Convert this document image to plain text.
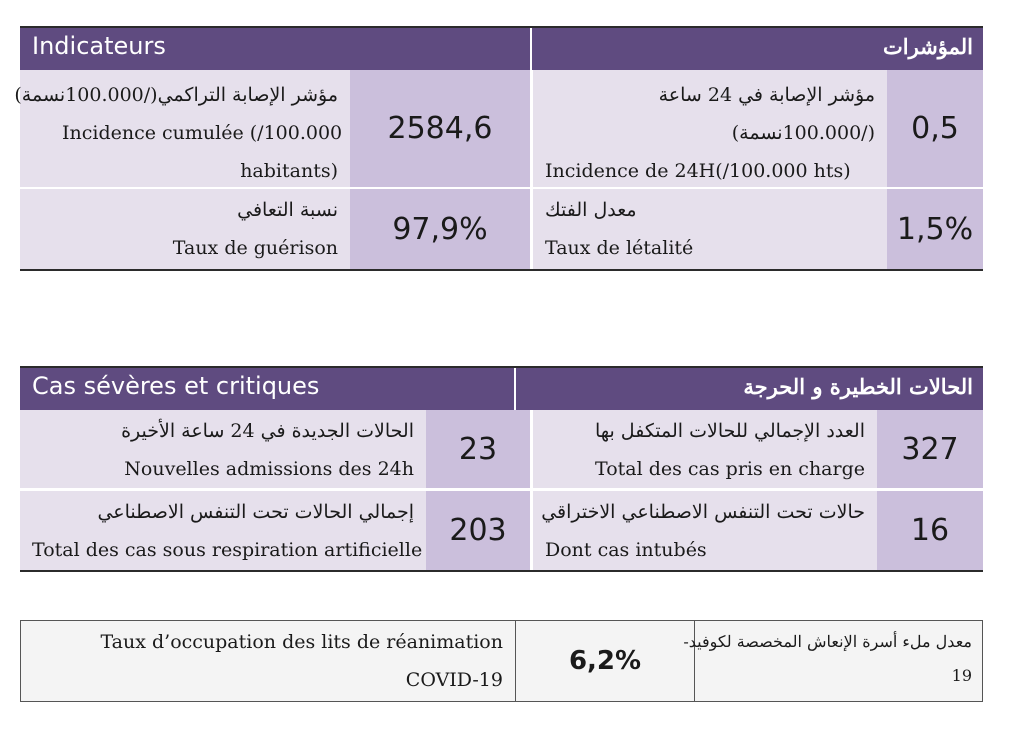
Indicateurs	المؤشرات
مؤشر الإصابة التراكمي(/100.000نسمة)
Incidence cumulée (/100.000
habitants)
2584,6
مؤشر الإصابة في 24 ساعة
(/100.000نسمة)
Incidence de 24H(/100.000 hts)
0,5
نسبة التعافي
Taux de guérison
97,9%
معدل الفتك
Taux de létalité
1,5%
Cas sévères et critiques	الحالات الخطيرة و الحرجة
الحالات الجديدة في 24 ساعة الأخيرة
Nouvelles admissions des 24h
23
العدد الإجمالي للحالات المتكفل بها
Total des cas pris en charge
327
إجمالي الحالات تحت التنفس الاصطناعي
Total des cas sous respiration artificielle
203
حالات تحت التنفس الاصطناعي الاختراقي
Dont cas intubés
16
Taux d’occupation des lits de réanimation
COVID-19
6,2%
معدل ملء أسرة الإنعاش المخصصة لكوفيد-
19
